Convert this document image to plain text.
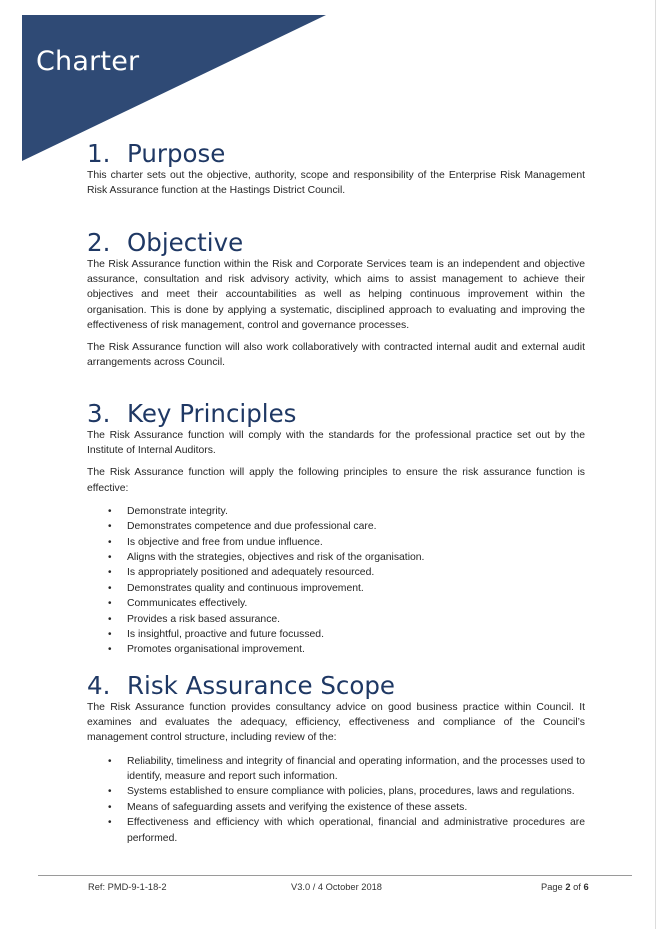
Charter
1. Purpose

This charter sets out the objective, authority, scope and responsibility of the Enterprise Risk Management Risk Assurance function at the Hastings District Council.

2. Objective

The Risk Assurance function within the Risk and Corporate Services team is an independent and objective assurance, consultation and risk advisory activity, which aims to assist management to achieve their objectives and meet their accountabilities as well as helping continuous improvement within the organisation. This is done by applying a systematic, disciplined approach to evaluating and improving the effectiveness of risk management, control and governance processes.

The Risk Assurance function will also work collaboratively with contracted internal audit and external audit arrangements across Council.

3. Key Principles

The Risk Assurance function will comply with the standards for the professional practice set out by the Institute of Internal Auditors.

The Risk Assurance function will apply the following principles to ensure the risk assurance function is effective:

• Demonstrate integrity.
• Demonstrates competence and due professional care.
• Is objective and free from undue influence.
• Aligns with the strategies, objectives and risk of the organisation.
• Is appropriately positioned and adequately resourced.
• Demonstrates quality and continuous improvement.
• Communicates effectively.
• Provides a risk based assurance.
• Is insightful, proactive and future focussed.
• Promotes organisational improvement.
4. Risk Assurance Scope

The Risk Assurance function provides consultancy advice on good business practice within Council. It examines and evaluates the adequacy, efficiency, effectiveness and compliance of the Council’s management control structure, including review of the:

• Reliability, timeliness and integrity of financial and operating information, and the processes used to identify, measure and report such information.
• Systems established to ensure compliance with policies, plans, procedures, laws and regulations.
• Means of safeguarding assets and verifying the existence of these assets.
• Effectiveness and efficiency with which operational, financial and administrative procedures are performed.
Ref: PMD-9-1-18-2	V3.0 / 4 October 2018	Page 2 of 6
